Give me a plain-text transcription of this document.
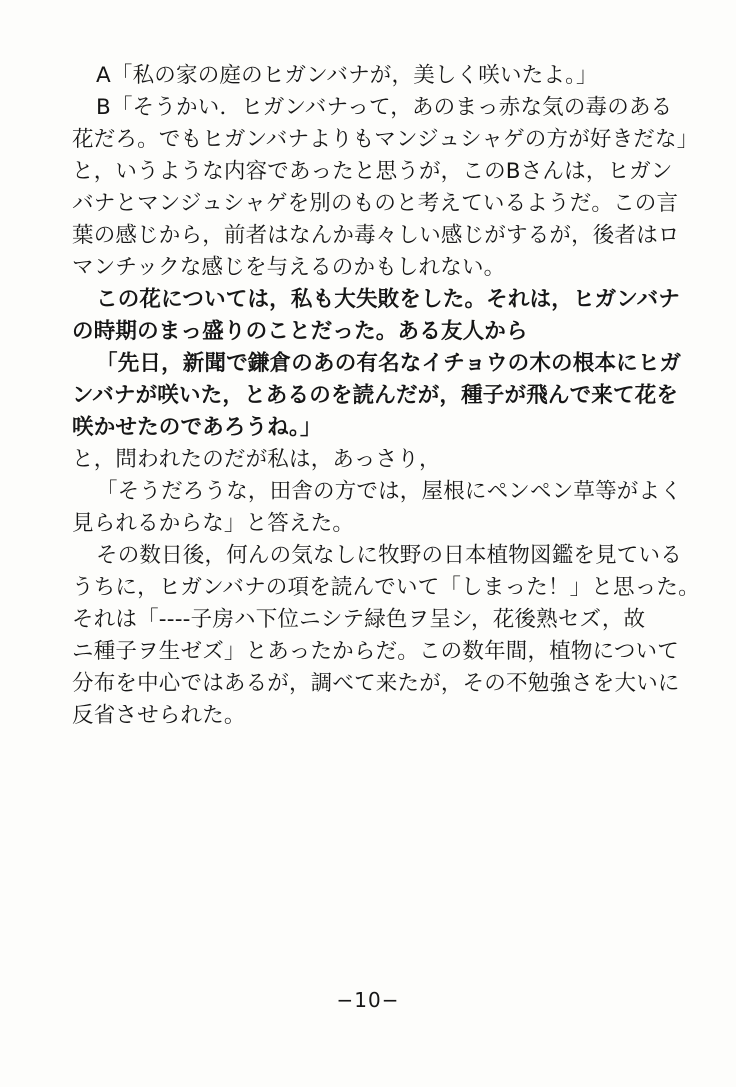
A「私の家の庭のヒガンバナが，美しく咲いたよ。」
B「そうかい．ヒガンバナって，あのまっ赤な気の毒のある
花だろ。でもヒガンバナよりもマンジュシャゲの方が好きだな」
と，いうような内容であったと思うが，このBさんは，ヒガン
バナとマンジュシャゲを別のものと考えているようだ。この言
葉の感じから，前者はなんか毒々しい感じがするが，後者はロ
マンチックな感じを与えるのかもしれない。
この花については，私も大失敗をした。それは，ヒガンバナ
の時期のまっ盛りのことだった。ある友人から
「先日，新聞で鎌倉のあの有名なイチョウの木の根本にヒガ
ンバナが咲いた，とあるのを読んだが，種子が飛んで来て花を
咲かせたのであろうね。」
と，問われたのだが私は，あっさり，
「そうだろうな，田舎の方では，屋根にペンペン草等がよく
見られるからな」と答えた。
その数日後，何んの気なしに牧野の日本植物図鑑を見ている
うちに，ヒガンバナの項を読んでいて「しまった！」と思った。
それは「----子房ハ下位ニシテ緑色ヲ呈シ，花後熟セズ，故
ニ種子ヲ生ゼズ」とあったからだ。この数年間，植物について
分布を中心ではあるが，調べて来たが，その不勉強さを大いに
反省させられた。
−10−
